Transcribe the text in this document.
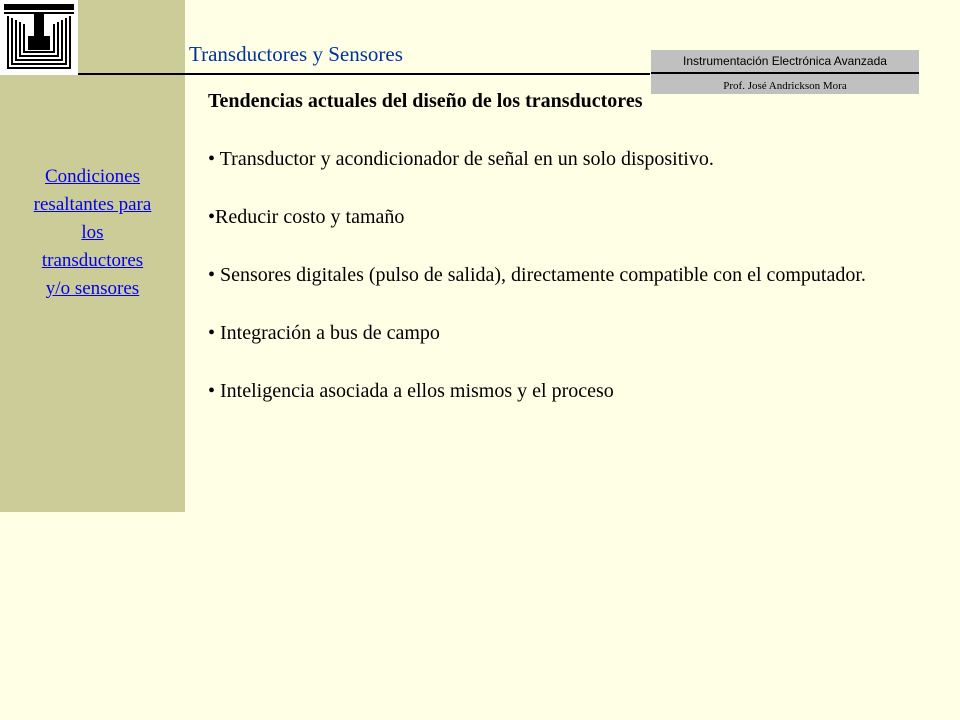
Transductores y Sensores	Instrumentación Electrónica Avanzada
Prof. José Andrickson Mora
Condiciones
resaltantes para
los
transductores
y/o sensores
Tendencias actuales del diseño de los transductores

• Transductor y acondicionador de señal en un solo dispositivo.

•Reducir costo y tamaño

• Sensores digitales (pulso de salida), directamente compatible con el computador.

• Integración a bus de campo

• Inteligencia asociada a ellos mismos y el proceso
